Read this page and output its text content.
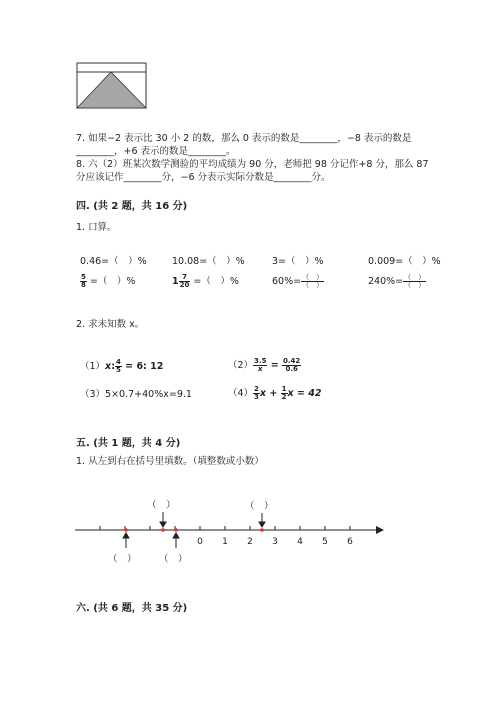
7. 如果−2 表示比 30 小 2 的数，那么 0 表示的数是________，−8 表示的数是
________，+6 表示的数是________。
8. 六（2）班某次数学测验的平均成绩为 90 分，老师把 98 分记作+8 分，那么 87
分应该记作________分，−6 分表示实际分数是________分。
四. (共 2 题，共 16 分)
1. 口算。
0.46=（　）%	10.08=（　）%	3=（　）%	0.009=（　）%
$\frac{5}{8}$ =（　）%	$1 \frac{7}{20}$ =（　）%	$60\%= \frac{( )}{( )}$	$240\%= \frac{( )}{( )}$
2. 求未知数 x。
（1）x: $\frac{4}{5} = 6$: 12	$(2) \frac{3.5}{x} = \frac{0.42}{0.6}$
（3）5×0.7+40%x=9.1	$(4) \frac{2}{3}$ $x + \frac{1}{2}$ x = 42
五. (共 1 题，共 4 分)
1. 从左到右在括号里填数。（填整数或小数）
0 1 2 3 4 5 6
（　）	（　）
（　） （　）
六. (共 6 题，共 35 分)
